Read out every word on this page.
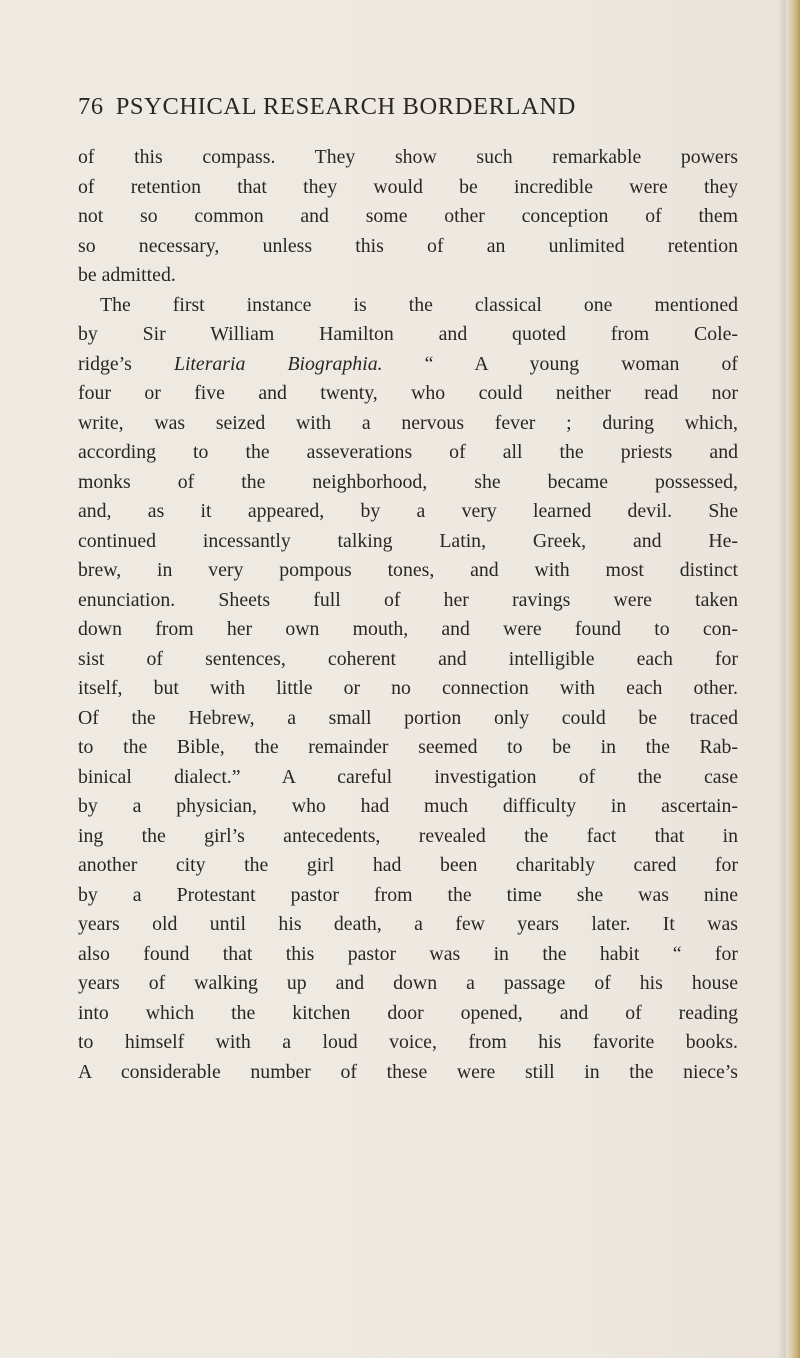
76 PSYCHICAL RESEARCH BORDERLAND
of this compass. They show such remarkable powers
of retention that they would be incredible were they
not so common and some other conception of them
so necessary, unless this of an unlimited retention
be admitted.
The first instance is the classical one mentioned
by Sir William Hamilton and quoted from Cole-
ridge’s Literaria Biographia. “ A young woman of
four or five and twenty, who could neither read nor
write, was seized with a nervous fever ; during which,
according to the asseverations of all the priests and
monks of the neighborhood, she became possessed,
and, as it appeared, by a very learned devil. She
continued incessantly talking Latin, Greek, and He-
brew, in very pompous tones, and with most distinct
enunciation. Sheets full of her ravings were taken
down from her own mouth, and were found to con-
sist of sentences, coherent and intelligible each for
itself, but with little or no connection with each other.
Of the Hebrew, a small portion only could be traced
to the Bible, the remainder seemed to be in the Rab-
binical dialect.” A careful investigation of the case
by a physician, who had much difficulty in ascertain-
ing the girl’s antecedents, revealed the fact that in
another city the girl had been charitably cared for
by a Protestant pastor from the time she was nine
years old until his death, a few years later. It was
also found that this pastor was in the habit “ for
years of walking up and down a passage of his house
into which the kitchen door opened, and of reading
to himself with a loud voice, from his favorite books.
A considerable number of these were still in the niece’s
